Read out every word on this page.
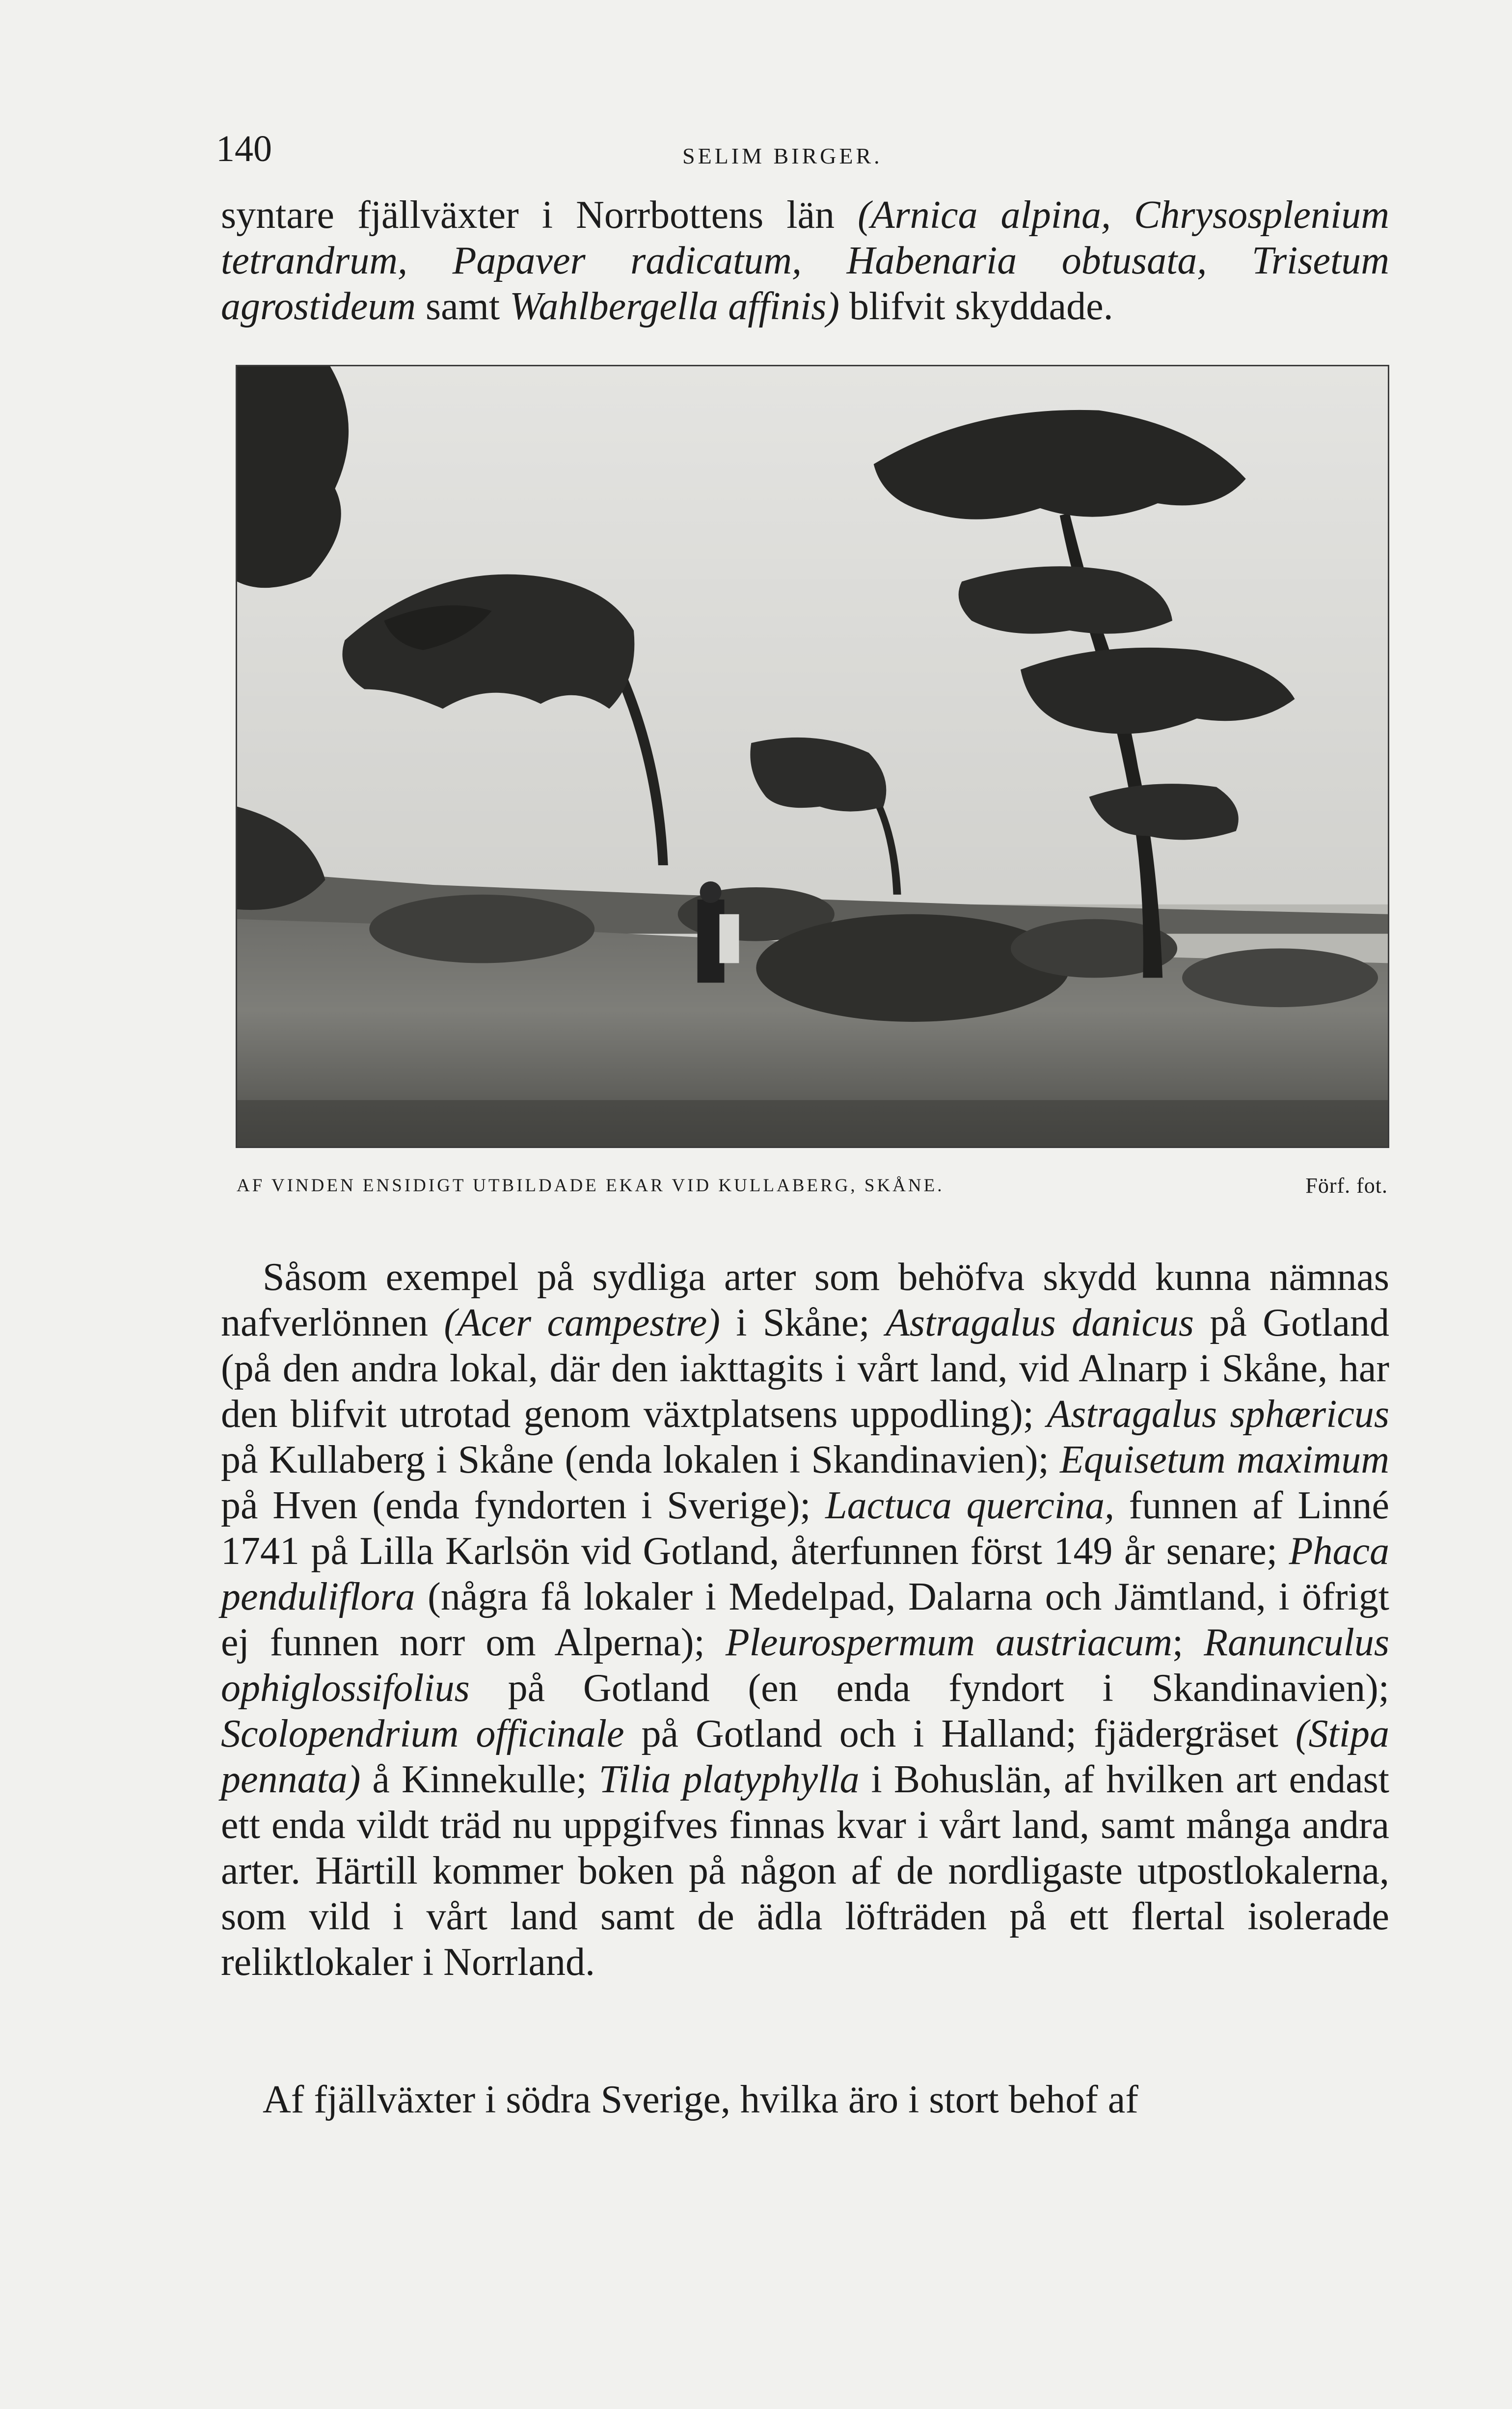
140	SELIM BIRGER.
syntare fjällväxter i Norrbottens län (Arnica alpina, Chrysosplenium tetrandrum, Papaver radicatum, Habenaria obtusata, Trisetum agrostideum samt Wahlbergella affinis) blifvit skyddade.
AF VINDEN ENSIDIGT UTBILDADE EKAR VID KULLABERG, SKÅNE.	Förf. fot.
Såsom exempel på sydliga arter som behöfva skydd kunna nämnas nafverlönnen (Acer campestre) i Skåne; Astragalus danicus på Gotland (på den andra lokal, där den iakttagits i vårt land, vid Alnarp i Skåne, har den blifvit utrotad genom växtplatsens uppodling); Astragalus sphæricus på Kullaberg i Skåne (enda lokalen i Skandinavien); Equisetum maximum på Hven (enda fyndorten i Sverige); Lactuca quercina, funnen af Linné 1741 på Lilla Karlsön vid Gotland, återfunnen först 149 år senare; Phaca penduliflora (några få lokaler i Medelpad, Dalarna och Jämtland, i öfrigt ej funnen norr om Alperna); Pleurospermum austriacum; Ranunculus ophiglossifolius på Gotland (en enda fyndort i Skandinavien); Scolopendrium officinale på Gotland och i Halland; fjädergräset (Stipa pennata) å Kinnekulle; Tilia platyphylla i Bohuslän, af hvilken art endast ett enda vildt träd nu uppgifves finnas kvar i vårt land, samt många andra arter. Härtill kommer boken på någon af de nordligaste utpostlokalerna, som vild i vårt land samt de ädla löfträden på ett flertal isolerade reliktlokaler i Norrland.
Af fjällväxter i södra Sverige, hvilka äro i stort behof af
